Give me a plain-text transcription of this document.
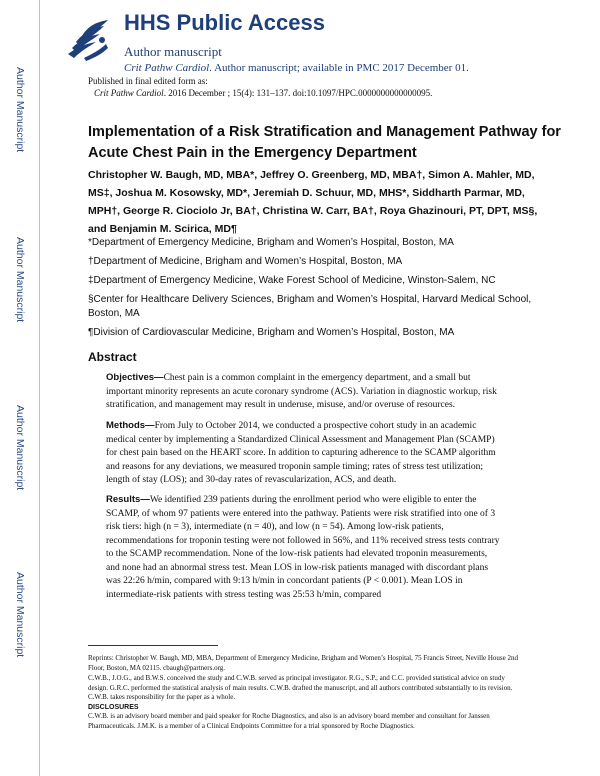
Author Manuscript
Author Manuscript
Author Manuscript
Author Manuscript
HHS Public Access
Author manuscript
Crit Pathw Cardiol. Author manuscript; available in PMC 2017 December 01.
Published in final edited form as:
Crit Pathw Cardiol. 2016 December ; 15(4): 131–137. doi:10.1097/HPC.0000000000000095.
Implementation of a Risk Stratification and Management Pathway for Acute Chest Pain in the Emergency Department
Christopher W. Baugh, MD, MBA*, Jeffrey O. Greenberg, MD, MBA†, Simon A. Mahler, MD,
MS‡, Joshua M. Kosowsky, MD*, Jeremiah D. Schuur, MD, MHS*, Siddharth Parmar, MD,
MPH†, George R. Ciociolo Jr, BA†, Christina W. Carr, BA†, Roya Ghazinouri, PT, DPT, MS§,
and Benjamin M. Scirica, MD¶
*Department of Emergency Medicine, Brigham and Women’s Hospital, Boston, MA
†Department of Medicine, Brigham and Women’s Hospital, Boston, MA
‡Department of Emergency Medicine, Wake Forest School of Medicine, Winston-Salem, NC
§Center for Healthcare Delivery Sciences, Brigham and Women’s Hospital, Harvard Medical School, Boston, MA
¶Division of Cardiovascular Medicine, Brigham and Women’s Hospital, Boston, MA
Abstract
Objectives—Chest pain is a common complaint in the emergency department, and a small but important minority represents an acute coronary syndrome (ACS). Variation in diagnostic workup, risk stratification, and management may result in underuse, misuse, and/or overuse of resources.
Methods—From July to October 2014, we conducted a prospective cohort study in an academic medical center by implementing a Standardized Clinical Assessment and Management Plan (SCAMP) for chest pain based on the HEART score. In addition to capturing adherence to the SCAMP algorithm and reasons for any deviations, we measured troponin sample timing; rates of stress test utilization; length of stay (LOS); and 30-day rates of revascularization, ACS, and death.
Results—We identified 239 patients during the enrollment period who were eligible to enter the SCAMP, of whom 97 patients were entered into the pathway. Patients were risk stratified into one of 3 risk tiers: high (n = 3), intermediate (n = 40), and low (n = 54). Among low-risk patients, recommendations for troponin testing were not followed in 56%, and 11% received stress tests contrary to the SCAMP recommendation. None of the low-risk patients had elevated troponin measurements, and none had an abnormal stress test. Mean LOS in low-risk patients managed with discordant plans was 22:26 h/min, compared with 9:13 h/min in concordant patients (P < 0.001). Mean LOS in intermediate-risk patients with stress testing was 25:53 h/min, compared
Reprints: Christopher W. Baugh, MD, MBA, Department of Emergency Medicine, Brigham and Women’s Hospital, 75 Francis Street, Neville House 2nd Floor, Boston, MA 02115. cbaugh@partners.org.
C.W.B., J.O.G., and B.W.S. conceived the study and C.W.B. served as principal investigator. R.G., S.P., and C.C. provided statistical advice on study design. G.R.C. performed the statistical analysis of main results. C.W.B. drafted the manuscript, and all authors contributed substantially to its revision. C.W.B. takes responsibility for the paper as a whole.
DISCLOSURES
C.W.B. is an advisory board member and paid speaker for Roche Diagnostics, and also is an advisory board member and consultant for Janssen Pharmaceuticals. J.M.K. is a member of a Clinical Endpoints Committee for a trial sponsored by Roche Diagnostics.
